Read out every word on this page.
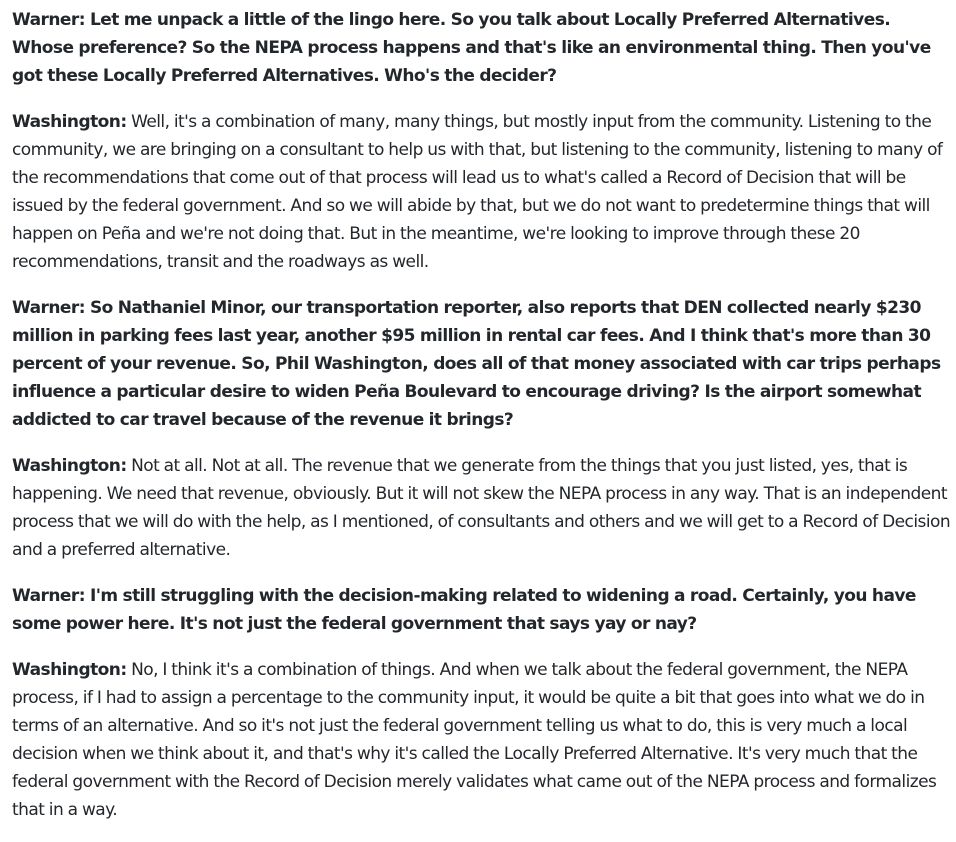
Warner: Let me unpack a little of the lingo here. So you talk about Locally Preferred Alternatives. Whose preference? So the NEPA process happens and that's like an environmental thing. Then you've got these Locally Preferred Alternatives. Who's the decider?

Washington: Well, it's a combination of many, many things, but mostly input from the community. Listening to the community, we are bringing on a consultant to help us with that, but listening to the community, listening to many of the recommendations that come out of that process will lead us to what's called a Record of Decision that will be issued by the federal government. And so we will abide by that, but we do not want to predetermine things that will happen on Peña and we're not doing that. But in the meantime, we're looking to improve through these 20 recommendations, transit and the roadways as well.

Warner: So Nathaniel Minor, our transportation reporter, also reports that DEN collected nearly $230 million in parking fees last year, another $95 million in rental car fees. And I think that's more than 30 percent of your revenue. So, Phil Washington, does all of that money associated with car trips perhaps influence a particular desire to widen Peña Boulevard to encourage driving? Is the airport somewhat addicted to car travel because of the revenue it brings?

Washington: Not at all. Not at all. The revenue that we generate from the things that you just listed, yes, that is happening. We need that revenue, obviously. But it will not skew the NEPA process in any way. That is an independent process that we will do with the help, as I mentioned, of consultants and others and we will get to a Record of Decision and a preferred alternative.

Warner: I'm still struggling with the decision-making related to widening a road. Certainly, you have some power here. It's not just the federal government that says yay or nay?

Washington: No, I think it's a combination of things. And when we talk about the federal government, the NEPA process, if I had to assign a percentage to the community input, it would be quite a bit that goes into what we do in terms of an alternative. And so it's not just the federal government telling us what to do, this is very much a local decision when we think about it, and that's why it's called the Locally Preferred Alternative. It's very much that the federal government with the Record of Decision merely validates what came out of the NEPA process and formalizes that in a way.
